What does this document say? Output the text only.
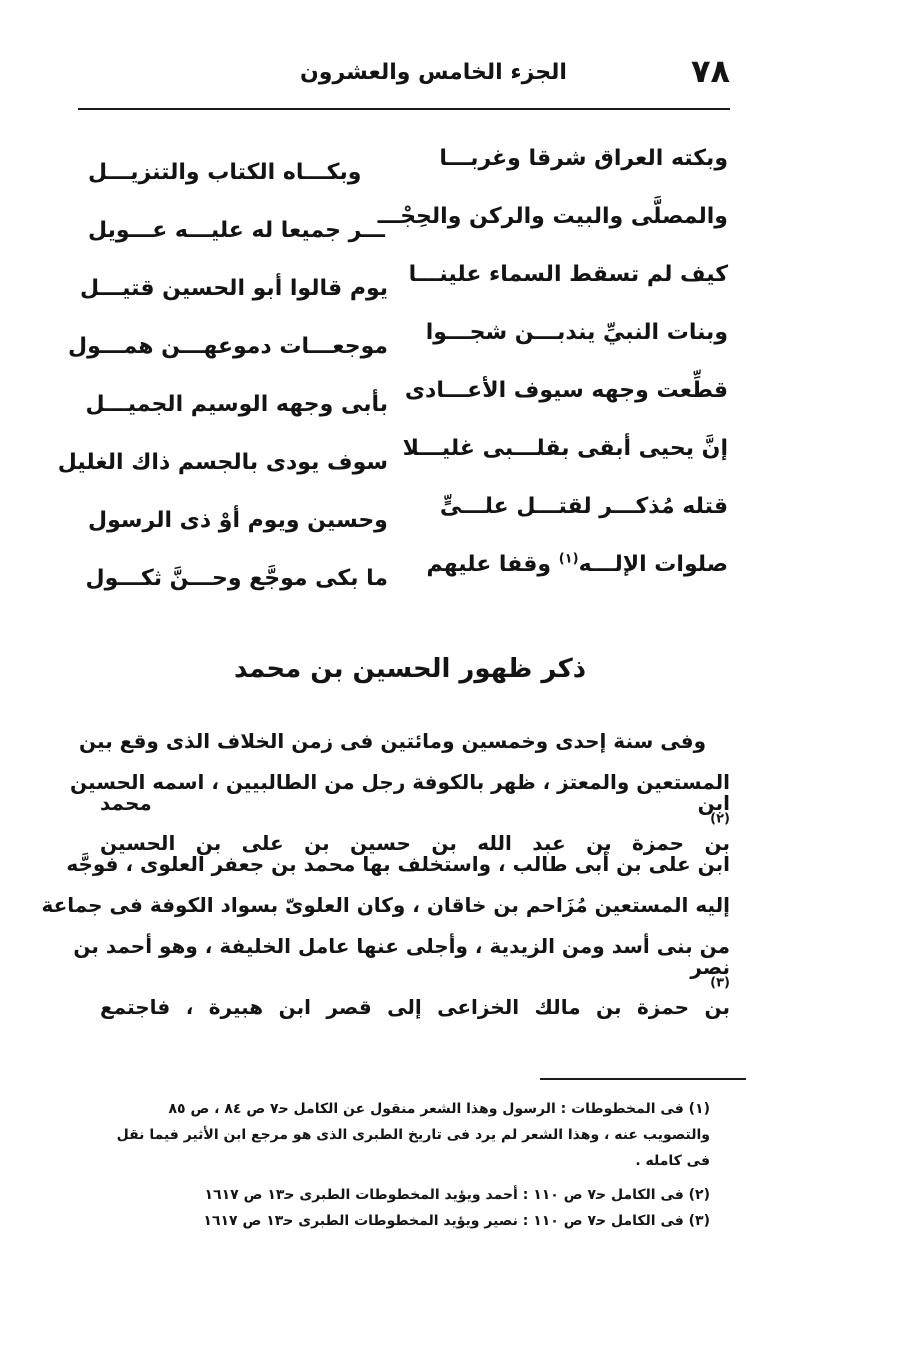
٧٨
الجزء الخامس والعشرون
وبكته العراق شرقا وغربـــا
وبكـــاه الكتاب والتنزيـــل
والمصلَّى والبيت والركن والحِجْـــ
ـــر جميعا له عليـــه عـــويل
كيف لم تسقط السماء علينـــا
يوم قالوا أبو الحسين قتيـــل
وبنات النبيِّ يندبـــن شجـــوا
موجعـــات دموعهـــن همـــول
قطِّعت وجهه سيوف الأعـــادى
بأبى وجهه الوسيم الجميـــل
إنَّ يحيى أبقى بقلـــبى غليـــلا
سوف يودى بالجسم ذاك الغليل
قتله مُذكـــر لقتـــل علـــىٍّ
وحسين ويوم أوْ ذى الرسول
صلوات الإلـــه$^{(١)}$ وقفا عليهم
ما بكى موجَّع وحـــنَّ ثكـــول
ذكر ظهور الحسين بن محمد
وفى سنة إحدى وخمسين ومائتين فى زمن الخلاف الذى وقع بين
المستعين والمعتز ، ظهر بالكوفة رجل من الطالبيين ، اسمه الحسين
ابن محمد
$^{(٢)}$
بن حمزة بن عبد الله بن حسين بن على بن الحسين
ابن على بن أبى طالب ، واستخلف بها محمد بن جعفر العلوى ، فوجَّه
إليه المستعين مُزَاحم بن خاقان ، وكان العلوىّ بسواد الكوفة فى جماعة
من بنى أسد ومن الزيدية ، وأجلى عنها عامل الخليفة ، وهو أحمد بن
نصر
$^{(٣)}$
بن حمزة بن مالك الخزاعى إلى قصر ابن هبيرة ، فاجتمع
(١) فى المخطوطات : الرسول وهذا الشعر منقول عن الكامل ﺣ٧ ص ٨٤ ، ص ٨٥
والتصويب عنه ، وهذا الشعر لم يرد فى تاريخ الطبرى الذى هو مرجع ابن الأثير فيما نقل
فى كامله .
(٢) فى الكامل ﺣ٧ ص ١١٠ : أحمد ويؤيد المخطوطات الطبرى ﺣ١٣ ص ١٦١٧
(٣) فى الكامل ﺣ٧ ص ١١٠ : نصير ويؤيد المخطوطات الطبرى ﺣ١٣ ص ١٦١٧
